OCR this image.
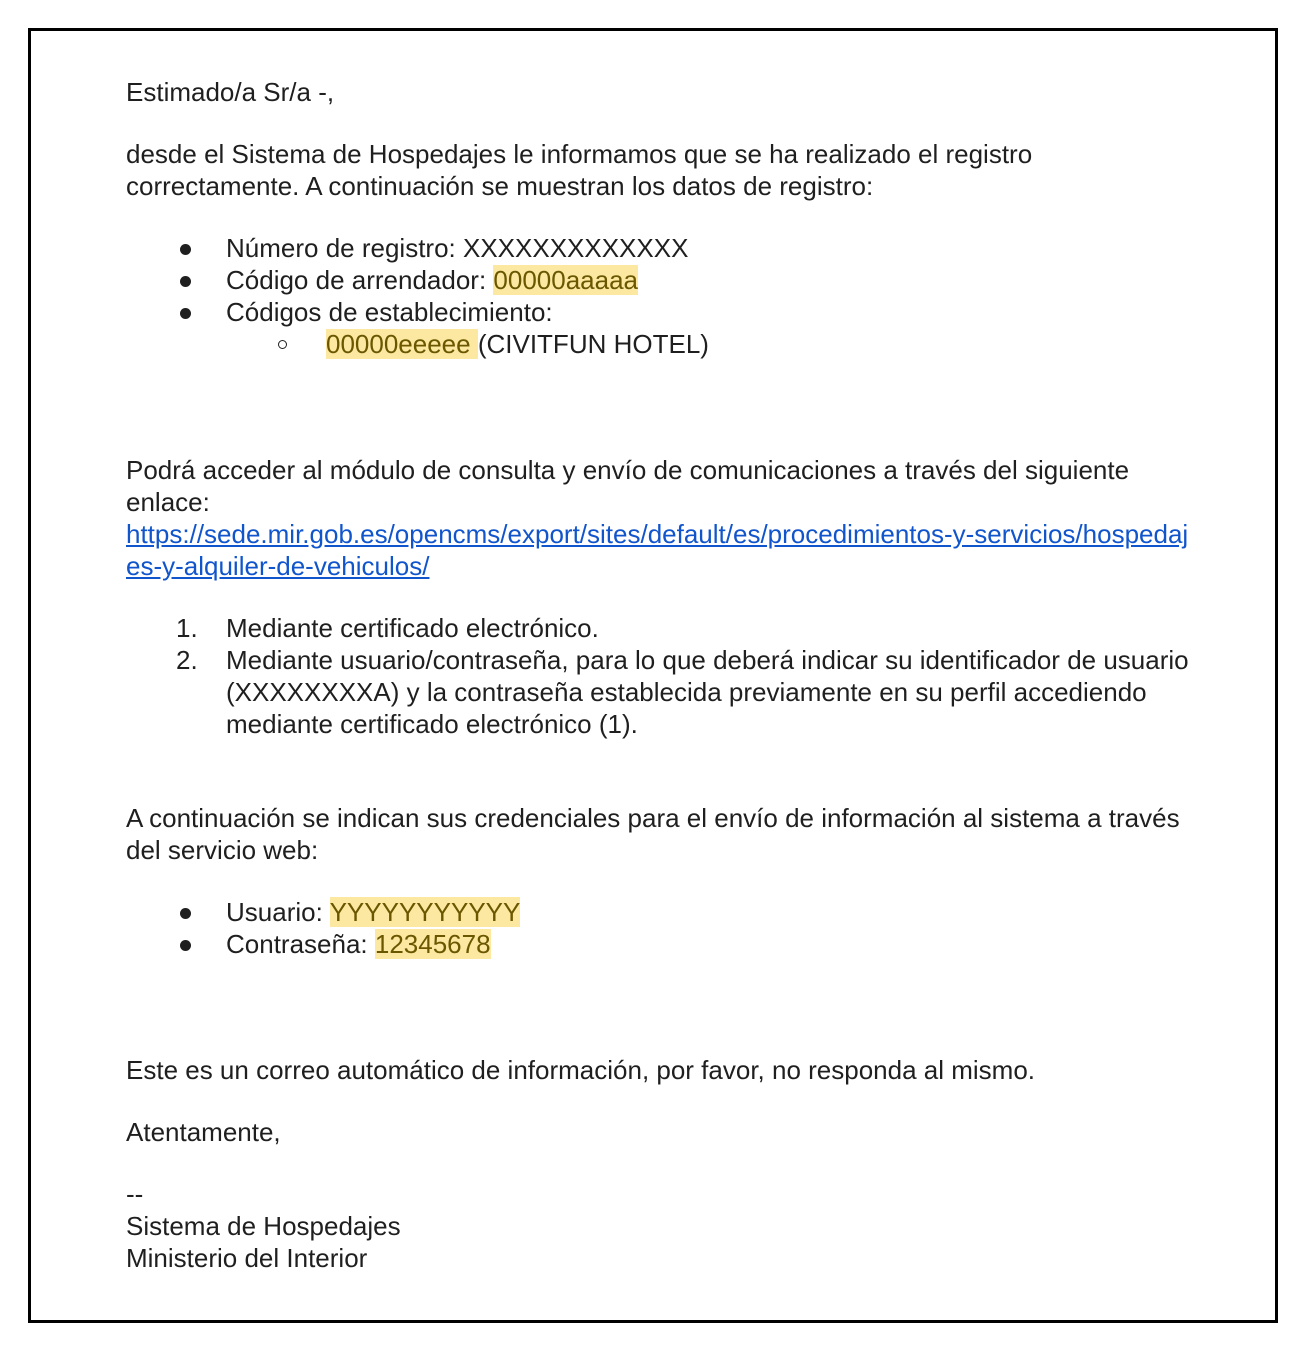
Estimado/a Sr/a -,

desde el Sistema de Hospedajes le informamos que se ha realizado el registro correctamente. A continuación se muestran los datos de registro:

Número de registro: XXXXXXXXXXXXX
Código de arrendador: 00000aaaaa
Códigos de establecimiento:
00000eeeee (CIVITFUN HOTEL)

Podrá acceder al módulo de consulta y envío de comunicaciones a través del siguiente enlace:
https://sede.mir.gob.es/opencms/export/sites/default/es/procedimientos-y-servicios/hospedajes-y-alquiler-de-vehiculos/

1. Mediante certificado electrónico.
2. Mediante usuario/contraseña, para lo que deberá indicar su identificador de usuario (XXXXXXXXA) y la contraseña establecida previamente en su perfil accediendo mediante certificado electrónico (1).

A continuación se indican sus credenciales para el envío de información al sistema a través del servicio web:

Usuario: YYYYYYYYYYY
Contraseña: 12345678

Este es un correo automático de información, por favor, no responda al mismo.

Atentamente,

--

Sistema de Hospedajes

Ministerio del Interior
